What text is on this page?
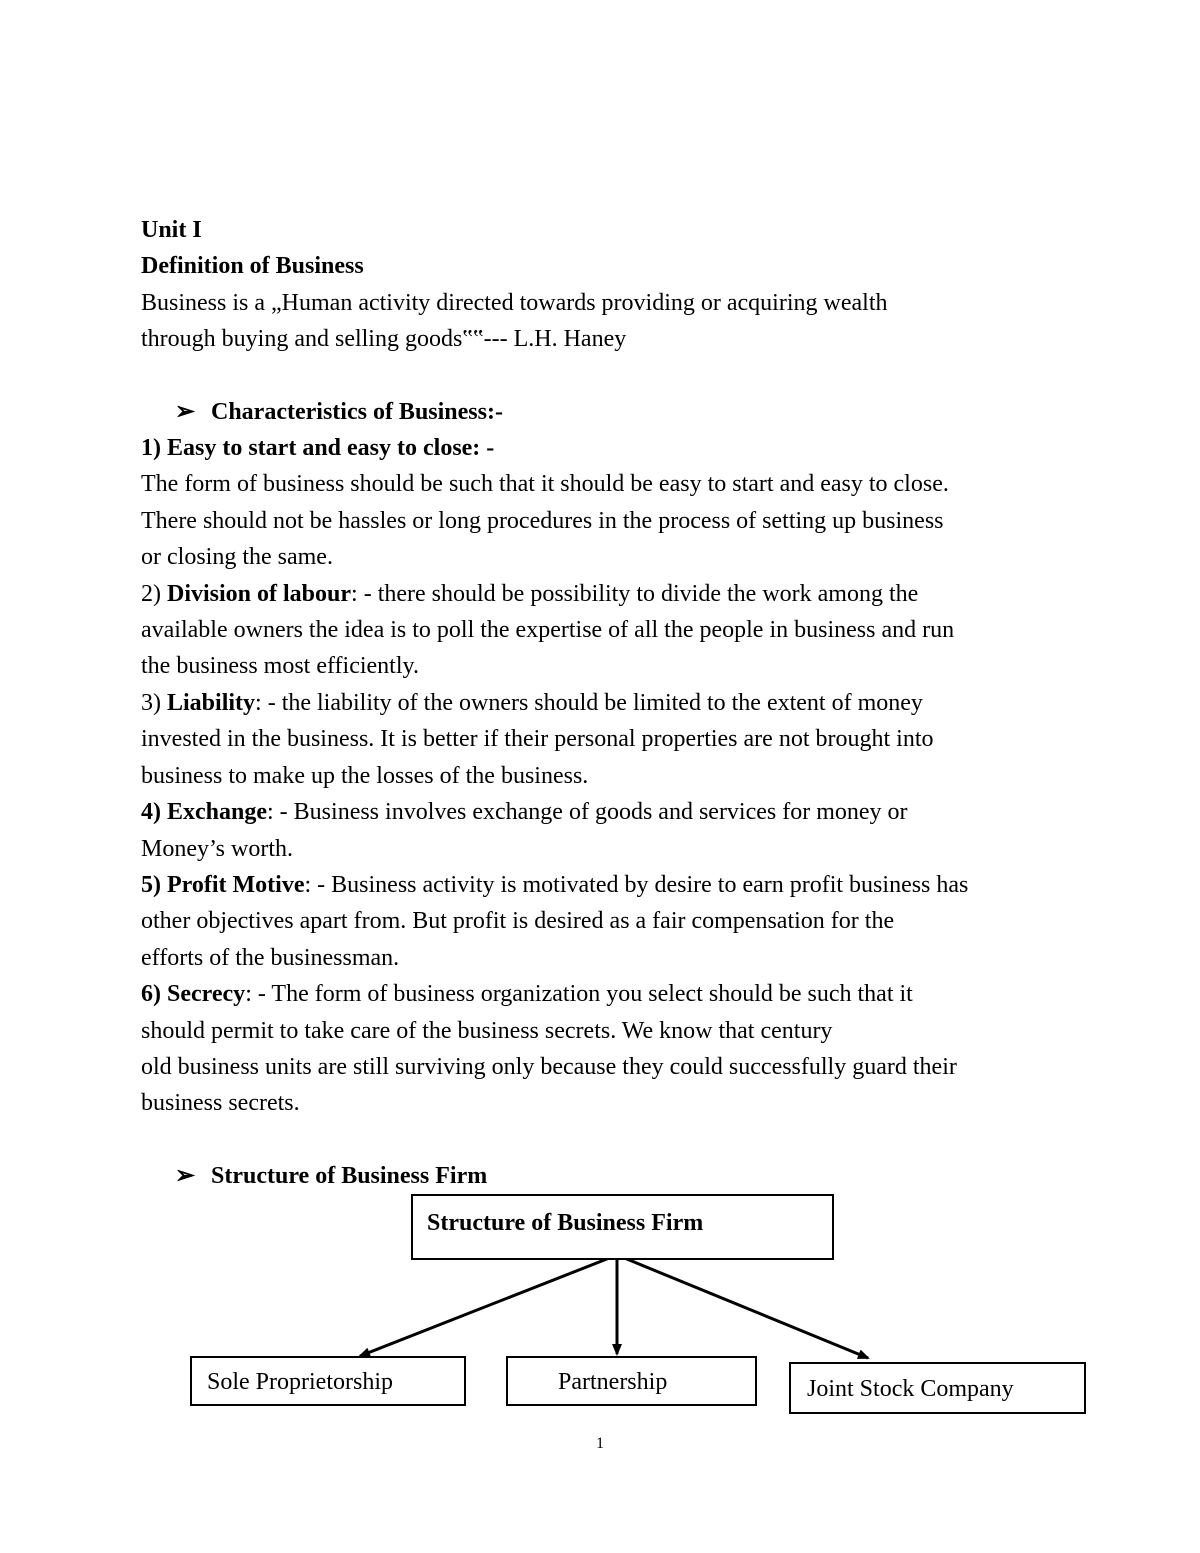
Unit I
Definition of Business
Business is a „Human activity directed towards providing or acquiring wealth
through buying and selling goods‟‟--- L.H. Haney
➢ Characteristics of Business:-
1) Easy to start and easy to close: -
The form of business should be such that it should be easy to start and easy to close.
There should not be hassles or long procedures in the process of setting up business
or closing the same.
2) Division of labour: - there should be possibility to divide the work among the
available owners the idea is to poll the expertise of all the people in business and run
the business most efficiently.
3) Liability: - the liability of the owners should be limited to the extent of money
invested in the business. It is better if their personal properties are not brought into
business to make up the losses of the business.
4) Exchange: - Business involves exchange of goods and services for money or
Money’s worth.
5) Profit Motive: - Business activity is motivated by desire to earn profit business has
other objectives apart from. But profit is desired as a fair compensation for the
efforts of the businessman.
6) Secrecy: - The form of business organization you select should be such that it
should permit to take care of the business secrets. We know that century
old business units are still surviving only because they could successfully guard their
business secrets.
➢ Structure of Business Firm
Structure of Business Firm
Sole Proprietorship	Partnership	Joint Stock Company
1
